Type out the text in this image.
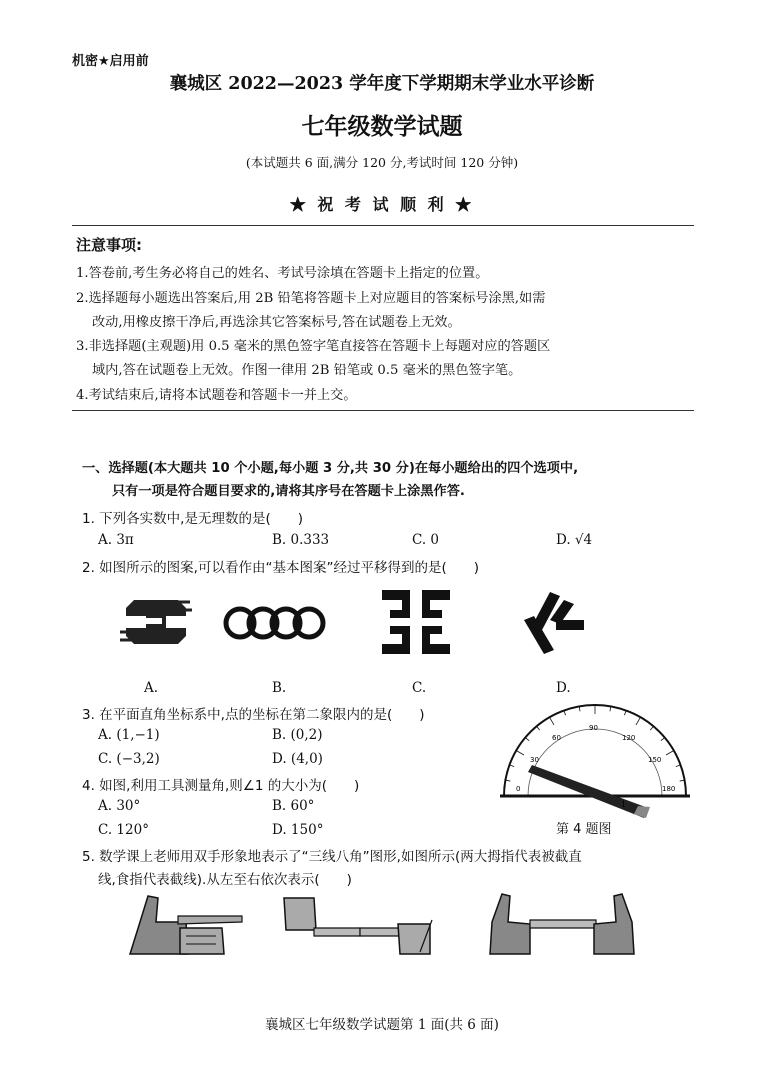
机密★启用前
襄城区 2022—2023 学年度下学期期末学业水平诊断
七年级数学试题
(本试题共 6 面,满分 120 分,考试时间 120 分钟)
★ 祝 考 试 顺 利 ★
注意事项:
1.答卷前,考生务必将自己的姓名、考试号涂填在答题卡上指定的位置。
2.选择题每小题选出答案后,用 2B 铅笔将答题卡上对应题目的答案标号涂黑,如需
改动,用橡皮擦干净后,再选涂其它答案标号,答在试题卷上无效。
3.非选择题(主观题)用 0.5 毫米的黑色签字笔直接答在答题卡上每题对应的答题区
域内,答在试题卷上无效。作图一律用 2B 铅笔或 0.5 毫米的黑色签字笔。
4.考试结束后,请将本试题卷和答题卡一并上交。
一、选择题(本大题共 10 个小题,每小题 3 分,共 30 分)在每小题给出的四个选项中,
只有一项是符合题目要求的,请将其序号在答题卡上涂黑作答.
1. 下列各实数中,是无理数的是(　　)
A. 3π	B. 0.333	C. 0	D. √4
2. 如图所示的图案,可以看作由“基本图案”经过平移得到的是(　　)
A.	B.	C.	D.
3. 在平面直角坐标系中,点的坐标在第二象限内的是(　　)
A. (1,−1)	B. (0,2)
C. (−3,2)	D. (4,0)
4. 如图,利用工具测量角,则∠1 的大小为(　　)
A. 30°	B. 60°
C. 120°	D. 150°
0
30
60
90
120
150
180
1
第 4 题图
5. 数学课上老师用双手形象地表示了“三线八角”图形,如图所示(两大拇指代表被截直
线,食指代表截线).从左至右依次表示(　　)
襄城区七年级数学试题第 1 面(共 6 面)
